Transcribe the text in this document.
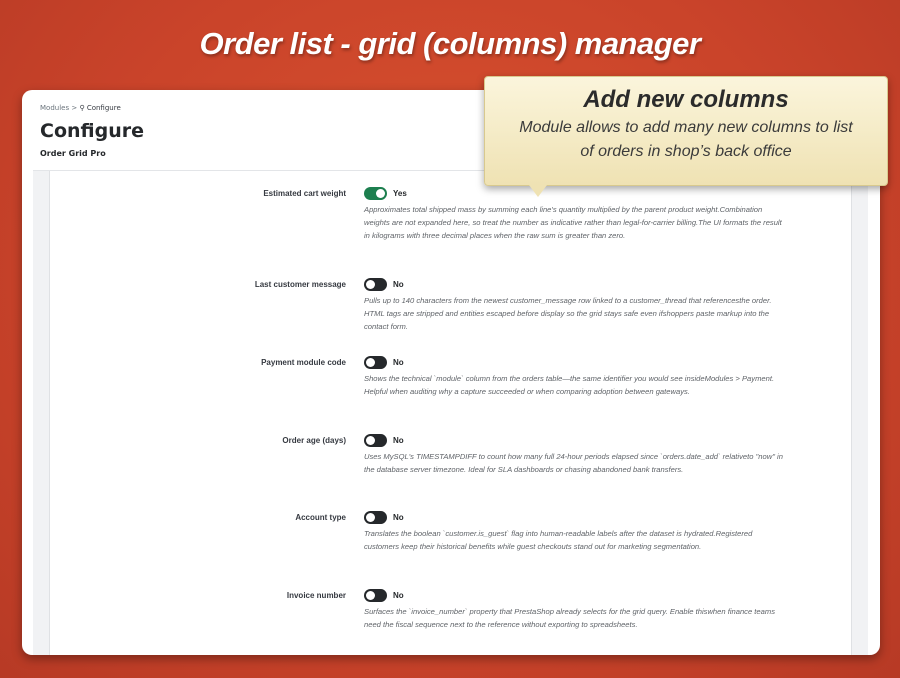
Order list - grid (columns) manager
Modules > ⚲ Configure
Configure
Order Grid Pro
Estimated cart weight	Yes
Approximates total shipped mass by summing each line's quantity multiplied by the parent product weight.Combination weights are not expanded here, so treat the number as indicative rather than legal-for-carrier billing.The UI formats the result in kilograms with three decimal places when the raw sum is greater than zero.
Last customer message	No
Pulls up to 140 characters from the newest customer_message row linked to a customer_thread that referencesthe order. HTML tags are stripped and entities escaped before display so the grid stays safe even ifshoppers paste markup into the contact form.
Payment module code	No
Shows the technical `module` column from the orders table—the same identifier you would see insideModules > Payment. Helpful when auditing why a capture succeeded or when comparing adoption between gateways.
Order age (days)	No
Uses MySQL's TIMESTAMPDIFF to count how many full 24-hour periods elapsed since `orders.date_add` relativeto "now" in the database server timezone. Ideal for SLA dashboards or chasing abandoned bank transfers.
Account type	No
Translates the boolean `customer.is_guest` flag into human-readable labels after the dataset is hydrated.Registered customers keep their historical benefits while guest checkouts stand out for marketing segmentation.
Invoice number	No
Surfaces the `invoice_number` property that PrestaShop already selects for the grid query. Enable thiswhen finance teams need the fiscal sequence next to the reference without exporting to spreadsheets.
Add new columns
Module allows to add many new columns to list
of orders in shop’s back office
